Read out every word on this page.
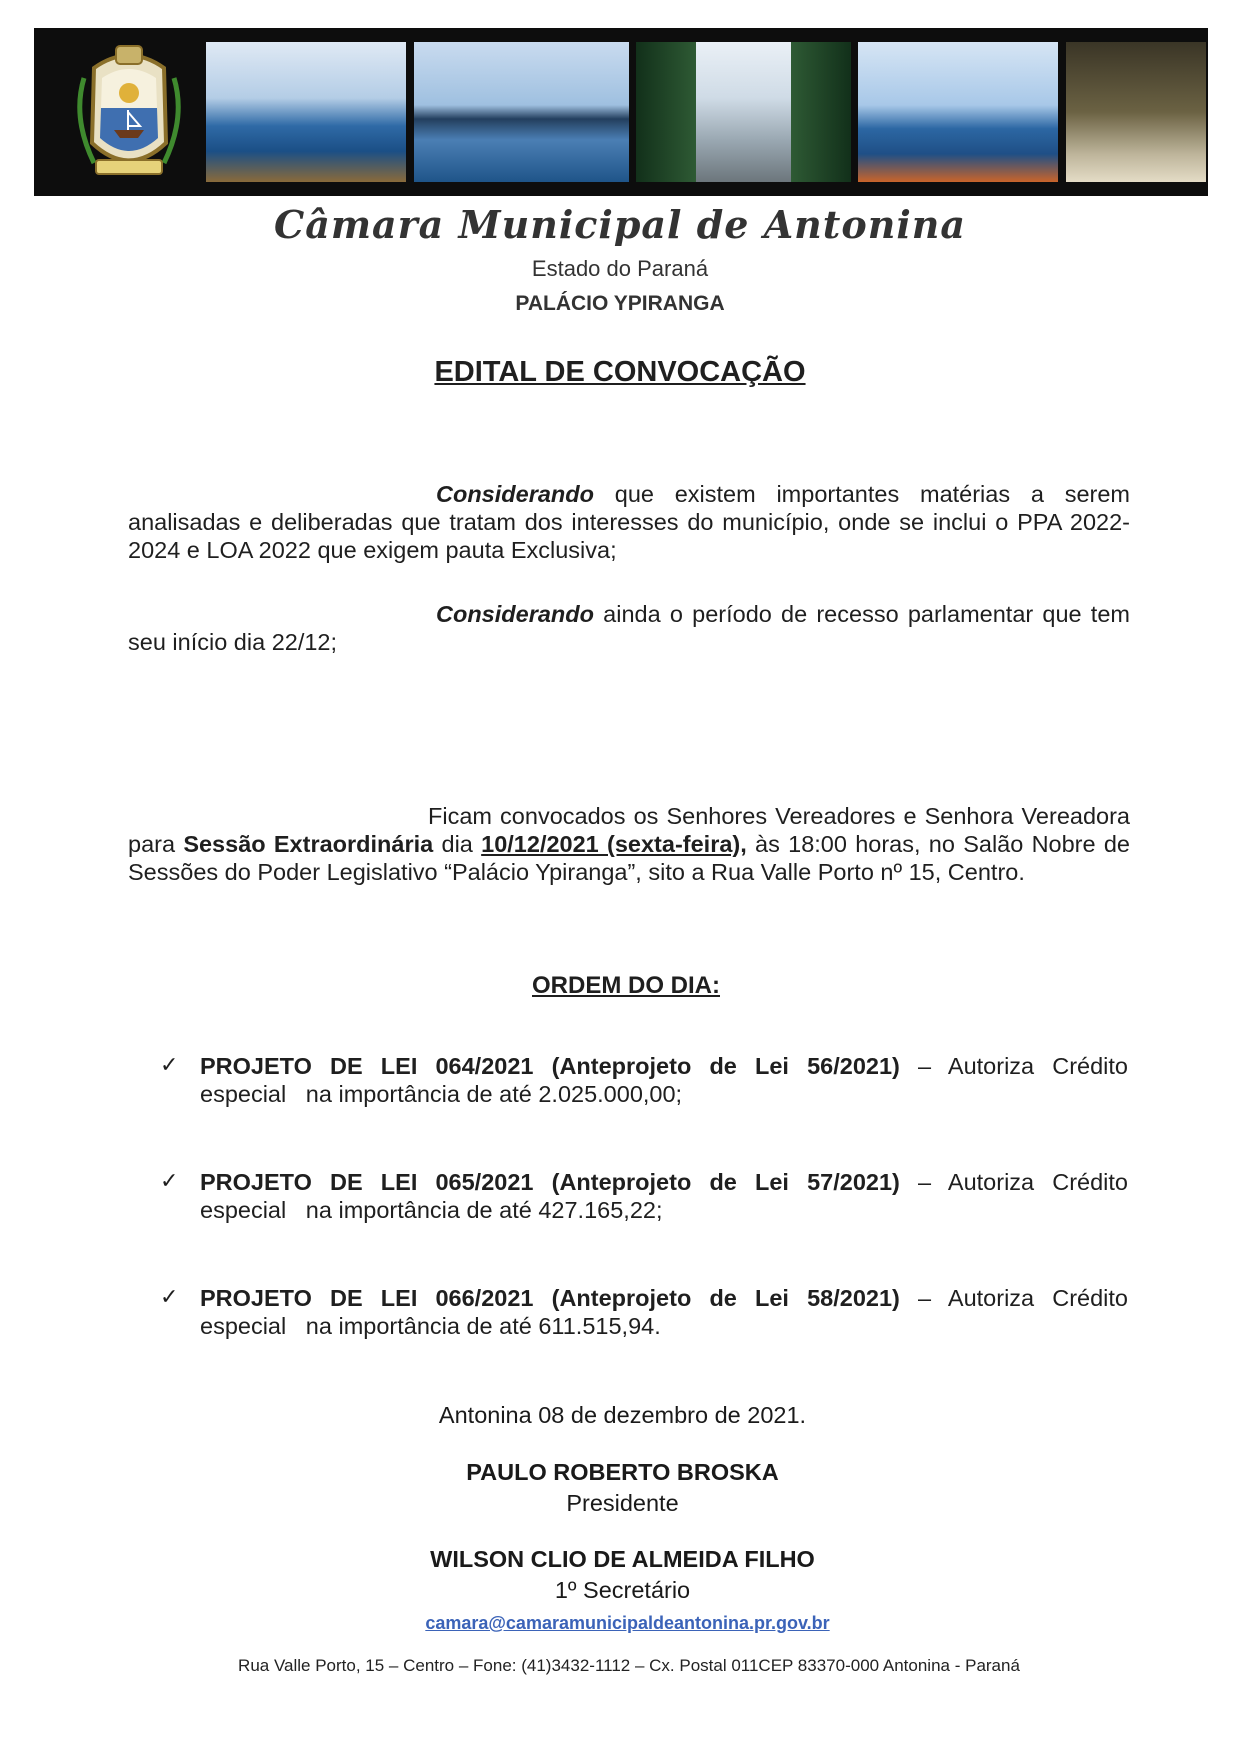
Câmara Municipal de Antonina
Estado do Paraná
PALÁCIO YPIRANGA
EDITAL DE CONVOCAÇÃO
Considerando que existem importantes matérias a serem analisadas e deliberadas que tratam dos interesses do município, onde se inclui o PPA 2022-2024 e LOA 2022 que exigem pauta Exclusiva;
Considerando ainda o período de recesso parlamentar que tem seu início dia 22/12;
Ficam convocados os Senhores Vereadores e Senhora Vereadora para Sessão Extraordinária dia 10/12/2021 (sexta-feira), às 18:00 horas, no Salão Nobre de Sessões do Poder Legislativo “Palácio Ypiranga”, sito a Rua Valle Porto nº 15, Centro.
ORDEM DO DIA:
✓ PROJETO DE LEI 064/2021 (Anteprojeto de Lei 56/2021) – Autoriza Crédito
especial   na importância de até 2.025.000,00;
✓ PROJETO DE LEI 065/2021 (Anteprojeto de Lei 57/2021) – Autoriza Crédito
especial   na importância de até 427.165,22;
✓ PROJETO DE LEI 066/2021 (Anteprojeto de Lei 58/2021) – Autoriza Crédito
especial   na importância de até 611.515,94.
Antonina 08 de dezembro de 2021.
PAULO ROBERTO BROSKA
Presidente
WILSON CLIO DE ALMEIDA FILHO
1º Secretário
camara@camaramunicipaldeantonina.pr.gov.br
Rua Valle Porto, 15 – Centro – Fone: (41)3432-1112 – Cx. Postal 011CEP 83370-000 Antonina - Paraná
